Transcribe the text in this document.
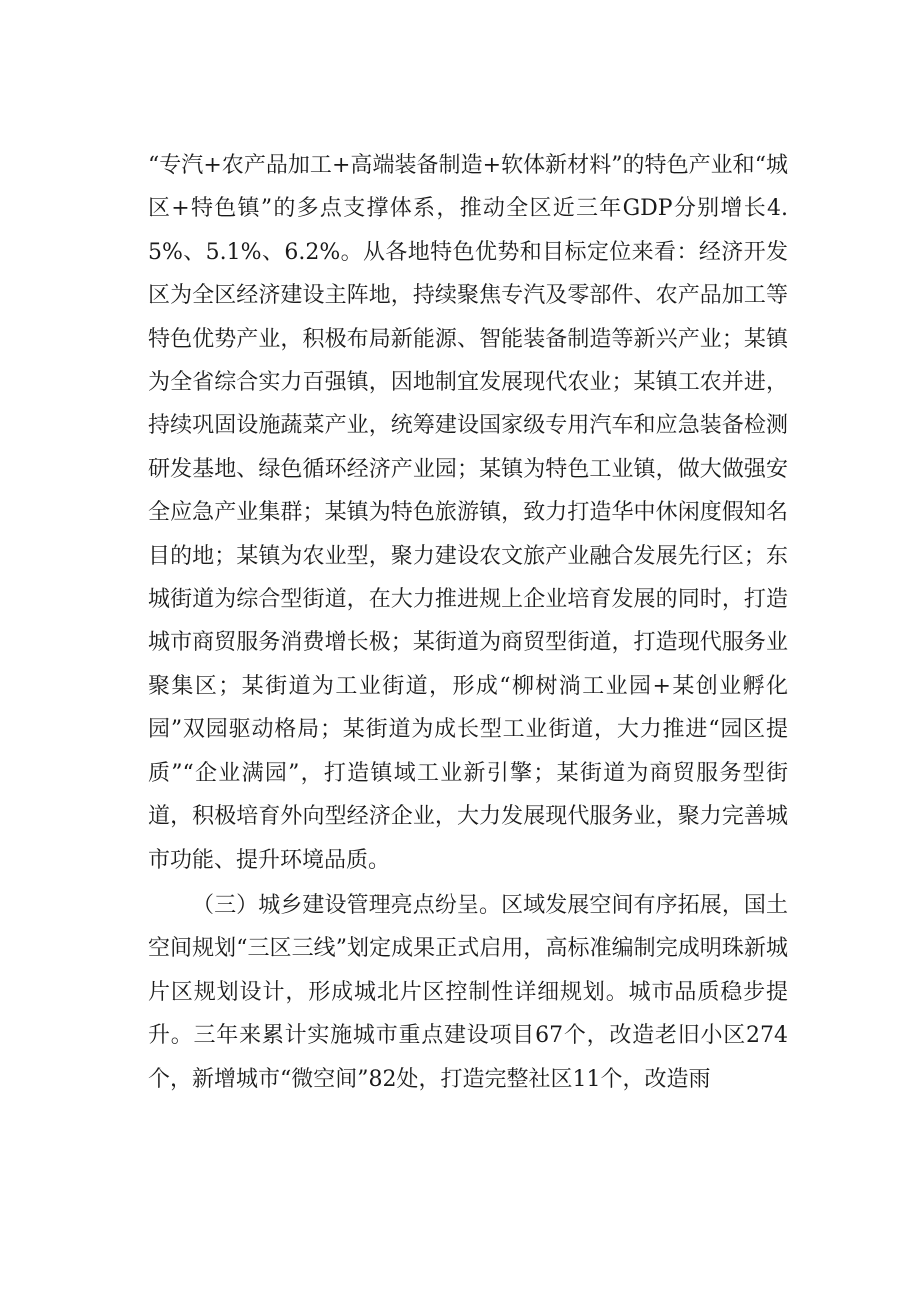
“专汽+农产品加工+高端装备制造+软体新材料”的特色产业和“城区+特色镇”的多点支撑体系，推动全区近三年GDP分别增长4.5%、5.1%、6.2%。从各地特色优势和目标定位来看：经济开发区为全区经济建设主阵地，持续聚焦专汽及零部件、农产品加工等特色优势产业，积极布局新能源、智能装备制造等新兴产业；某镇为全省综合实力百强镇，因地制宜发展现代农业；某镇工农并进，持续巩固设施蔬菜产业，统筹建设国家级专用汽车和应急装备检测研发基地、绿色循环经济产业园；某镇为特色工业镇，做大做强安全应急产业集群；某镇为特色旅游镇，致力打造华中休闲度假知名目的地；某镇为农业型，聚力建设农文旅产业融合发展先行区；东城街道为综合型街道，在大力推进规上企业培育发展的同时，打造城市商贸服务消费增长极；某街道为商贸型街道，打造现代服务业聚集区；某街道为工业街道，形成“柳树淌工业园+某创业孵化园”双园驱动格局；某街道为成长型工业街道，大力推进“园区提质”“企业满园”，打造镇域工业新引擎；某街道为商贸服务型街道，积极培育外向型经济企业，大力发展现代服务业，聚力完善城市功能、提升环境品质。

（三）城乡建设管理亮点纷呈。区域发展空间有序拓展，国土空间规划“三区三线”划定成果正式启用，高标准编制完成明珠新城片区规划设计，形成城北片区控制性详细规划。城市品质稳步提升。三年来累计实施城市重点建设项目67个，改造老旧小区274个，新增城市“微空间”82处，打造完整社区11个，改造雨
